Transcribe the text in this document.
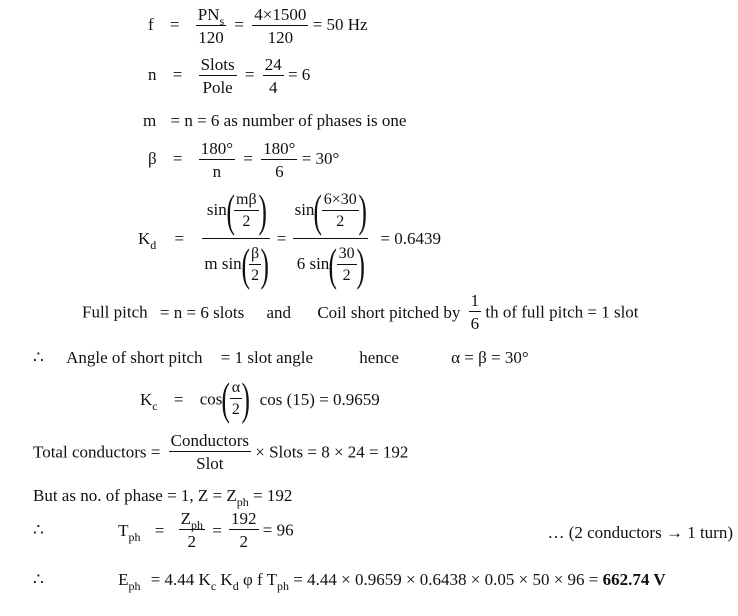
$f = \frac{PN_s}{120} = \frac{4\times 1500}{120} = 50$ Hz
$n = \frac{\text{Slots}}{\text{Pole}} = \frac{24}{4} = 6$
m = n = 6 as number of phases is one
$\beta = \frac{180^\circ}{n} = \frac{180^\circ}{6} = 30^\circ$
$K_d = \frac{\sin( \frac{m\beta}{2} )}{m \sin( \frac{\beta}{2} )} = \frac{\sin( \frac{6\times 30}{2} )}{6 \sin( \frac{30}{2} )} = 0.6439$
Full pitch = n = 6 slots and Coil short pitched by $\frac{1}{6}$ th of full pitch = 1 slot
∴ Angle of short pitch = 1 slot angle	hence	α = β = 30°
$K_c = \cos( \frac{\alpha}{2}$ ) cos (15) = 0.9659
Total conductors = $\frac{\text{Conductors}}{\text{Slot}}$ × Slots = 8 × 24 = 192
But as no. of phase = 1, $Z = Z_{ph} = 192$
∴	$T_{ph} = \frac{Z_{ph}}{2} = \frac{192}{2} = 96$	… (2 conductors → 1 turn)
∴	$E_{ph} = 4.44$ $K_c$ $K_d$ φ f $T_{ph} = 4.44 \times 0.9659 \times 0.6438 \times 0.05 \times 50 \times 96 = 662.74$ V
